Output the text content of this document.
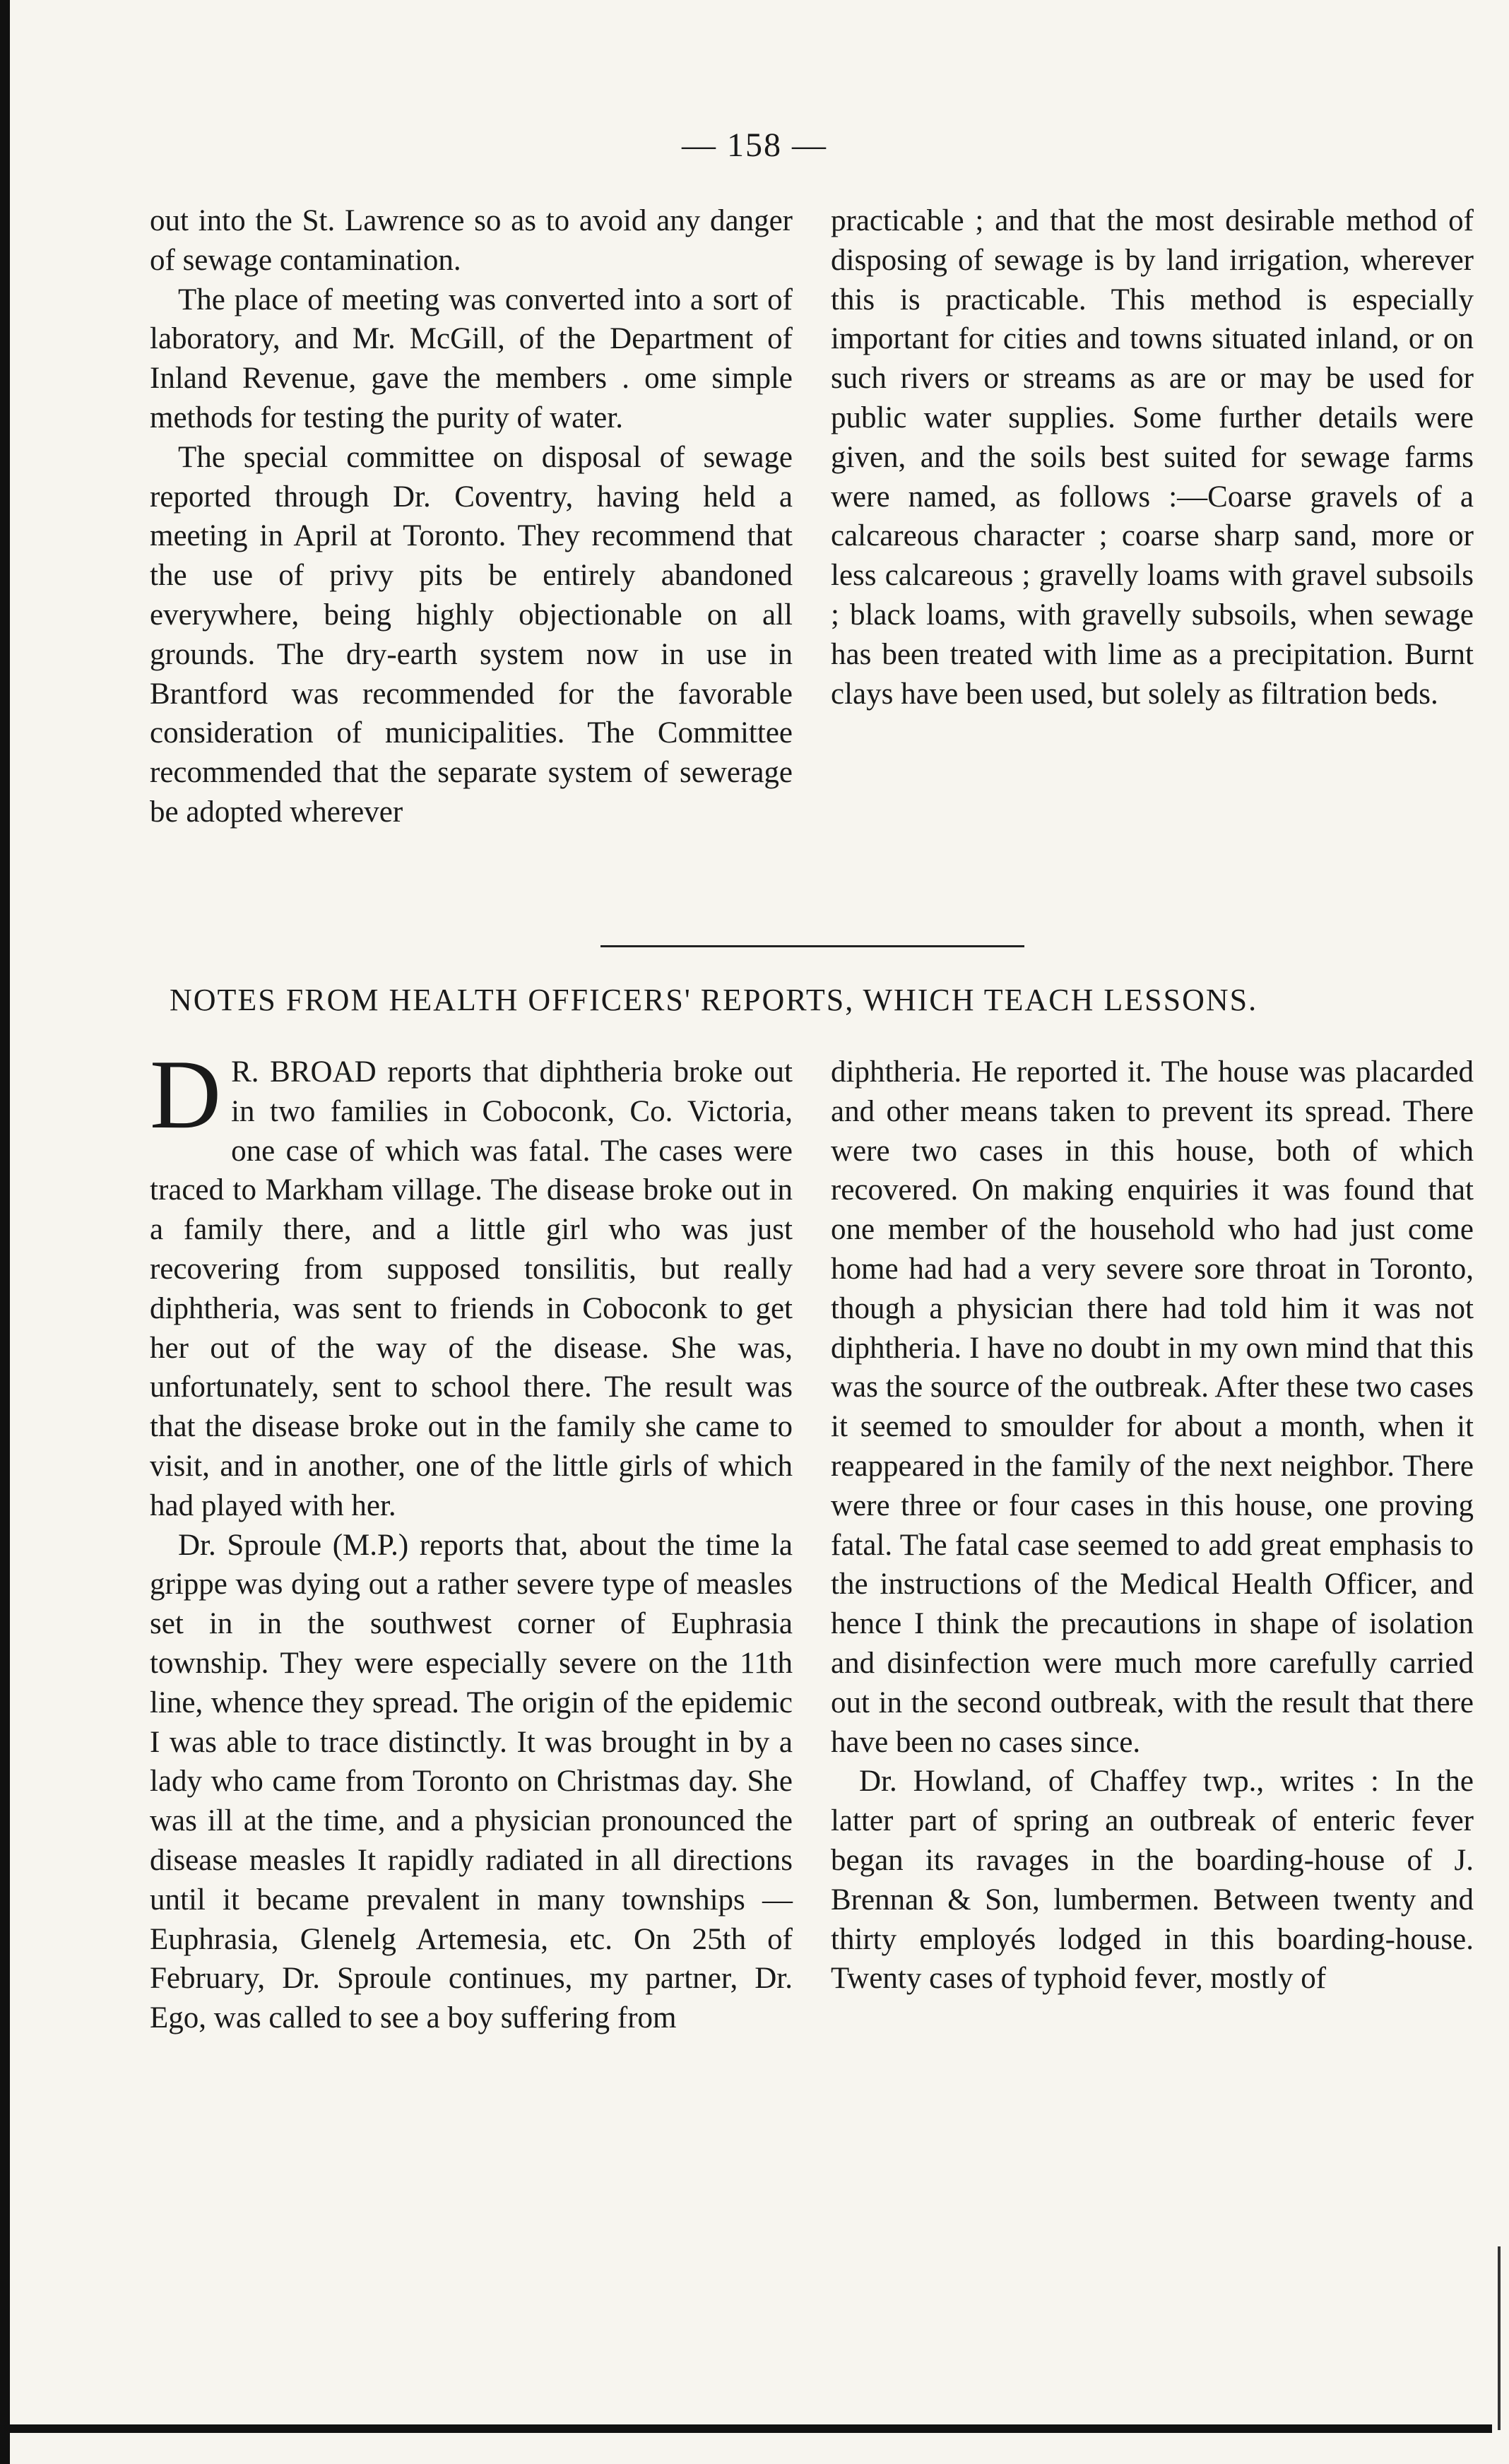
— 158 —

out into the St. Lawrence so as to avoid any danger of sewage contamination.

The place of meeting was converted into a sort of laboratory, and Mr. McGill, of the Department of Inland Revenue, gave the members . ome simple methods for testing the purity of water.

The special committee on disposal of sewage reported through Dr. Coventry, having held a meeting in April at Toronto. They recommend that the use of privy pits be entirely abandoned everywhere, being highly objectionable on all grounds. The dry-earth system now in use in Brantford was recommended for the favorable consideration of municipalities. The Committee recommended that the separate system of sewerage be adopted wherever

practicable ; and that the most desirable method of disposing of sewage is by land irrigation, wherever this is practicable. This method is especially important for cities and towns situated inland, or on such rivers or streams as are or may be used for public water supplies. Some further details were given, and the soils best suited for sewage farms were named, as follows :—Coarse gravels of a calcareous character ; coarse sharp sand, more or less calcareous ; gravelly loams with gravel subsoils ; black loams, with gravelly subsoils, when sewage has been treated with lime as a precipitation. Burnt clays have been used, but solely as filtration beds.

NOTES FROM HEALTH OFFICERS' REPORTS, WHICH TEACH LESSONS.

D R. BROAD reports that diphtheria broke out in two families in Coboconk, Co. Victoria, one case of which was fatal. The cases were traced to Markham village. The disease broke out in a family there, and a little girl who was just recovering from supposed tonsilitis, but really diphtheria, was sent to friends in Coboconk to get her out of the way of the disease. She was, unfortunately, sent to school there. The result was that the disease broke out in the family she came to visit, and in another, one of the little girls of which had played with her.

Dr. Sproule (M.P.) reports that, about the time la grippe was dying out a rather severe type of measles set in in the southwest corner of Euphrasia township. They were especially severe on the 11th line, whence they spread. The origin of the epidemic I was able to trace distinctly. It was brought in by a lady who came from Toronto on Christmas day. She was ill at the time, and a physician pronounced the disease measles It rapidly radiated in all directions until it became prevalent in many townships — Euphrasia, Glenelg Artemesia, etc. On 25th of February, Dr. Sproule continues, my partner, Dr. Ego, was called to see a boy suffering from

diphtheria. He reported it. The house was placarded and other means taken to prevent its spread. There were two cases in this house, both of which recovered. On making enquiries it was found that one member of the household who had just come home had had a very severe sore throat in Toronto, though a physician there had told him it was not diphtheria. I have no doubt in my own mind that this was the source of the outbreak. After these two cases it seemed to smoulder for about a month, when it reappeared in the family of the next neighbor. There were three or four cases in this house, one proving fatal. The fatal case seemed to add great emphasis to the instructions of the Medical Health Officer, and hence I think the precautions in shape of isolation and disinfection were much more carefully carried out in the second outbreak, with the result that there have been no cases since.

Dr. Howland, of Chaffey twp., writes : In the latter part of spring an outbreak of enteric fever began its ravages in the boarding-house of J. Brennan & Son, lumbermen. Between twenty and thirty employés lodged in this boarding-house. Twenty cases of typhoid fever, mostly of
